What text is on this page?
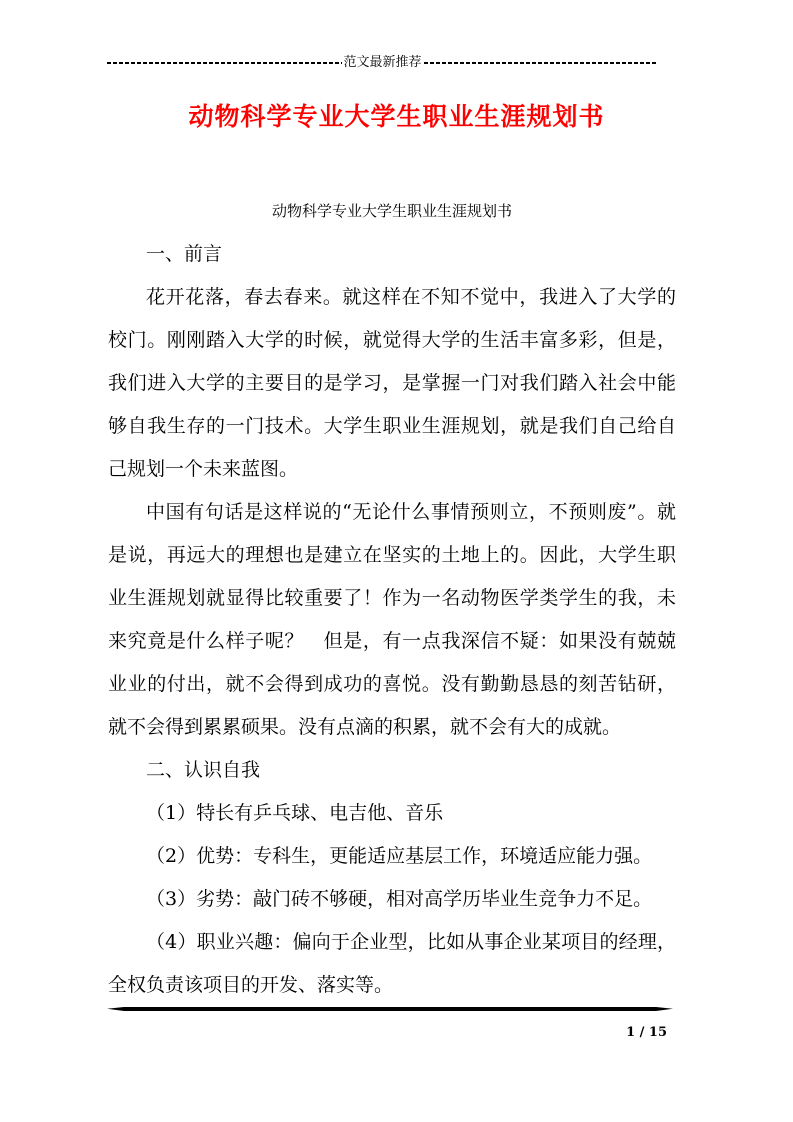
范文最新推荐
动物科学专业大学生职业生涯规划书

动物科学专业大学生职业生涯规划书

一、前言

花开花落，春去春来。就这样在不知不觉中，我进入了大学的校门。刚刚踏入大学的时候，就觉得大学的生活丰富多彩，但是，我们进入大学的主要目的是学习，是掌握一门对我们踏入社会中能够自我生存的一门技术。大学生职业生涯规划，就是我们自己给自己规划一个未来蓝图。

中国有句话是这样说的“无论什么事情预则立，不预则废”。就是说，再远大的理想也是建立在坚实的土地上的。因此，大学生职业生涯规划就显得比较重要了！作为一名动物医学类学生的我，未来究竟是什么样子呢？　但是，有一点我深信不疑：如果没有兢兢业业的付出，就不会得到成功的喜悦。没有勤勤恳恳的刻苦钻研，就不会得到累累硕果。没有点滴的积累，就不会有大的成就。

二、认识自我

（1）特长有乒乓球、电吉他、音乐

（2）优势：专科生，更能适应基层工作，环境适应能力强。

（3）劣势：敲门砖不够硬，相对高学历毕业生竞争力不足。

（4）职业兴趣：偏向于企业型，比如从事企业某项目的经理，全权负责该项目的开发、落实等。

1 / 15
